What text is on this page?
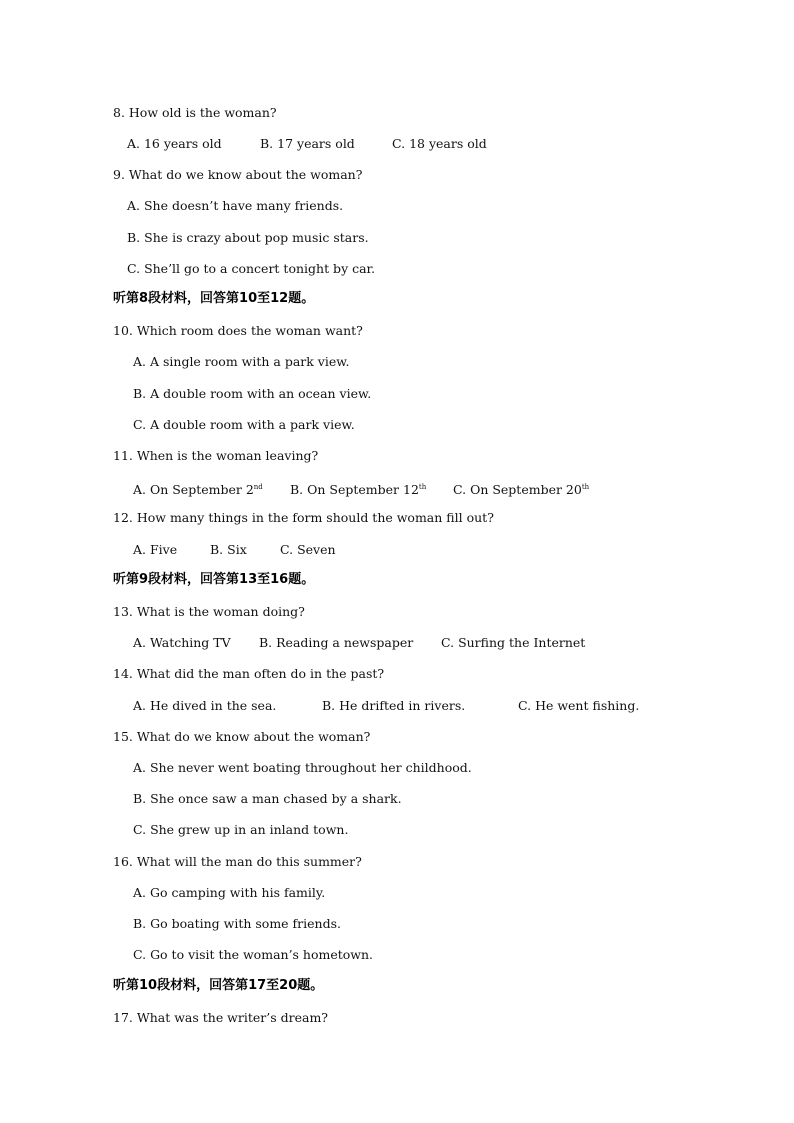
8. How old is the woman?
A. 16 years old	B. 17 years old	C. 18 years old
9. What do we know about the woman?
A. She doesn’t have many friends.
B. She is crazy about pop music stars.
C. She’ll go to a concert tonight by car.
听第8段材料，回答第10至12题。
10. Which room does the woman want?
A. A single room with a park view.
B. A double room with an ocean view.
C. A double room with a park view.
11. When is the woman leaving?
A. On September 2nd B. On September 12th C. On September 20th
12. How many things in the form should the woman fill out?
A. Five	B. Six	C. Seven
听第9段材料，回答第13至16题。
13. What is the woman doing?
A. Watching TV B. Reading a newspaper C. Surfing the Internet
14. What did the man often do in the past?
A. He dived in the sea.	B. He drifted in rivers.	C. He went fishing.
15. What do we know about the woman?
A. She never went boating throughout her childhood.
B. She once saw a man chased by a shark.
C. She grew up in an inland town.
16. What will the man do this summer?
A. Go camping with his family.
B. Go boating with some friends.
C. Go to visit the woman’s hometown.
听第10段材料，回答第17至20题。
17. What was the writer’s dream?
